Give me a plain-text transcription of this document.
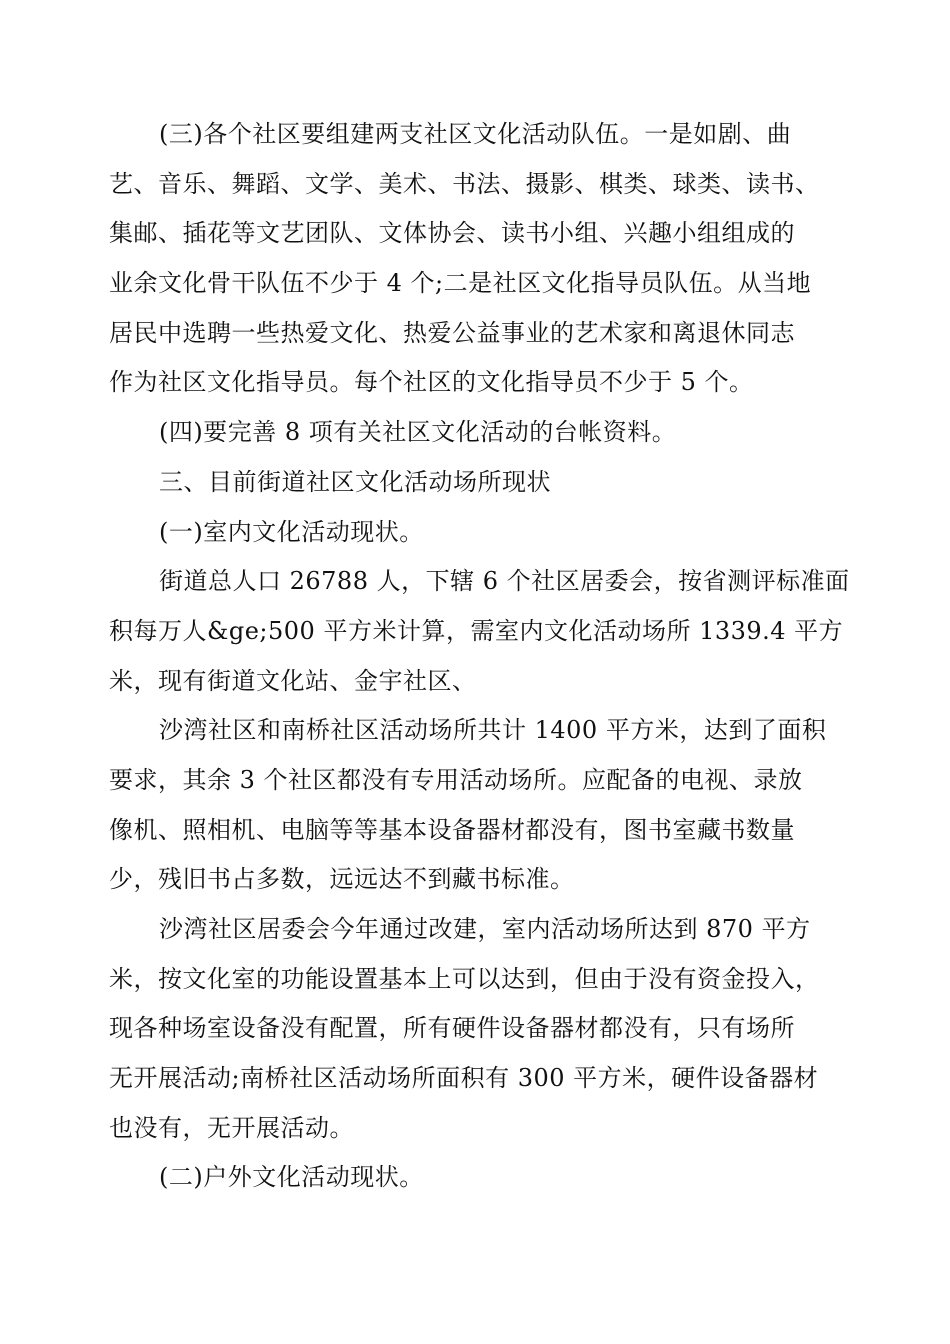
(三)各个社区要组建两支社区文化活动队伍。一是如剧、曲
艺、音乐、舞蹈、文学、美术、书法、摄影、棋类、球类、读书、
集邮、插花等文艺团队、文体协会、读书小组、兴趣小组组成的
业余文化骨干队伍不少于 4 个;二是社区文化指导员队伍。从当地
居民中选聘一些热爱文化、热爱公益事业的艺术家和离退休同志
作为社区文化指导员。每个社区的文化指导员不少于 5 个。
(四)要完善 8 项有关社区文化活动的台帐资料。
三、目前街道社区文化活动场所现状
(一)室内文化活动现状。
街道总人口 26788 人，下辖 6 个社区居委会，按省测评标准面
积每万人&ge;500 平方米计算，需室内文化活动场所 1339.4 平方
米，现有街道文化站、金宇社区、
沙湾社区和南桥社区活动场所共计 1400 平方米，达到了面积
要求，其余 3 个社区都没有专用活动场所。应配备的电视、录放
像机、照相机、电脑等等基本设备器材都没有，图书室藏书数量
少，残旧书占多数，远远达不到藏书标准。
沙湾社区居委会今年通过改建，室内活动场所达到 870 平方
米，按文化室的功能设置基本上可以达到，但由于没有资金投入，
现各种场室设备没有配置，所有硬件设备器材都没有，只有场所
无开展活动;南桥社区活动场所面积有 300 平方米，硬件设备器材
也没有，无开展活动。
(二)户外文化活动现状。
